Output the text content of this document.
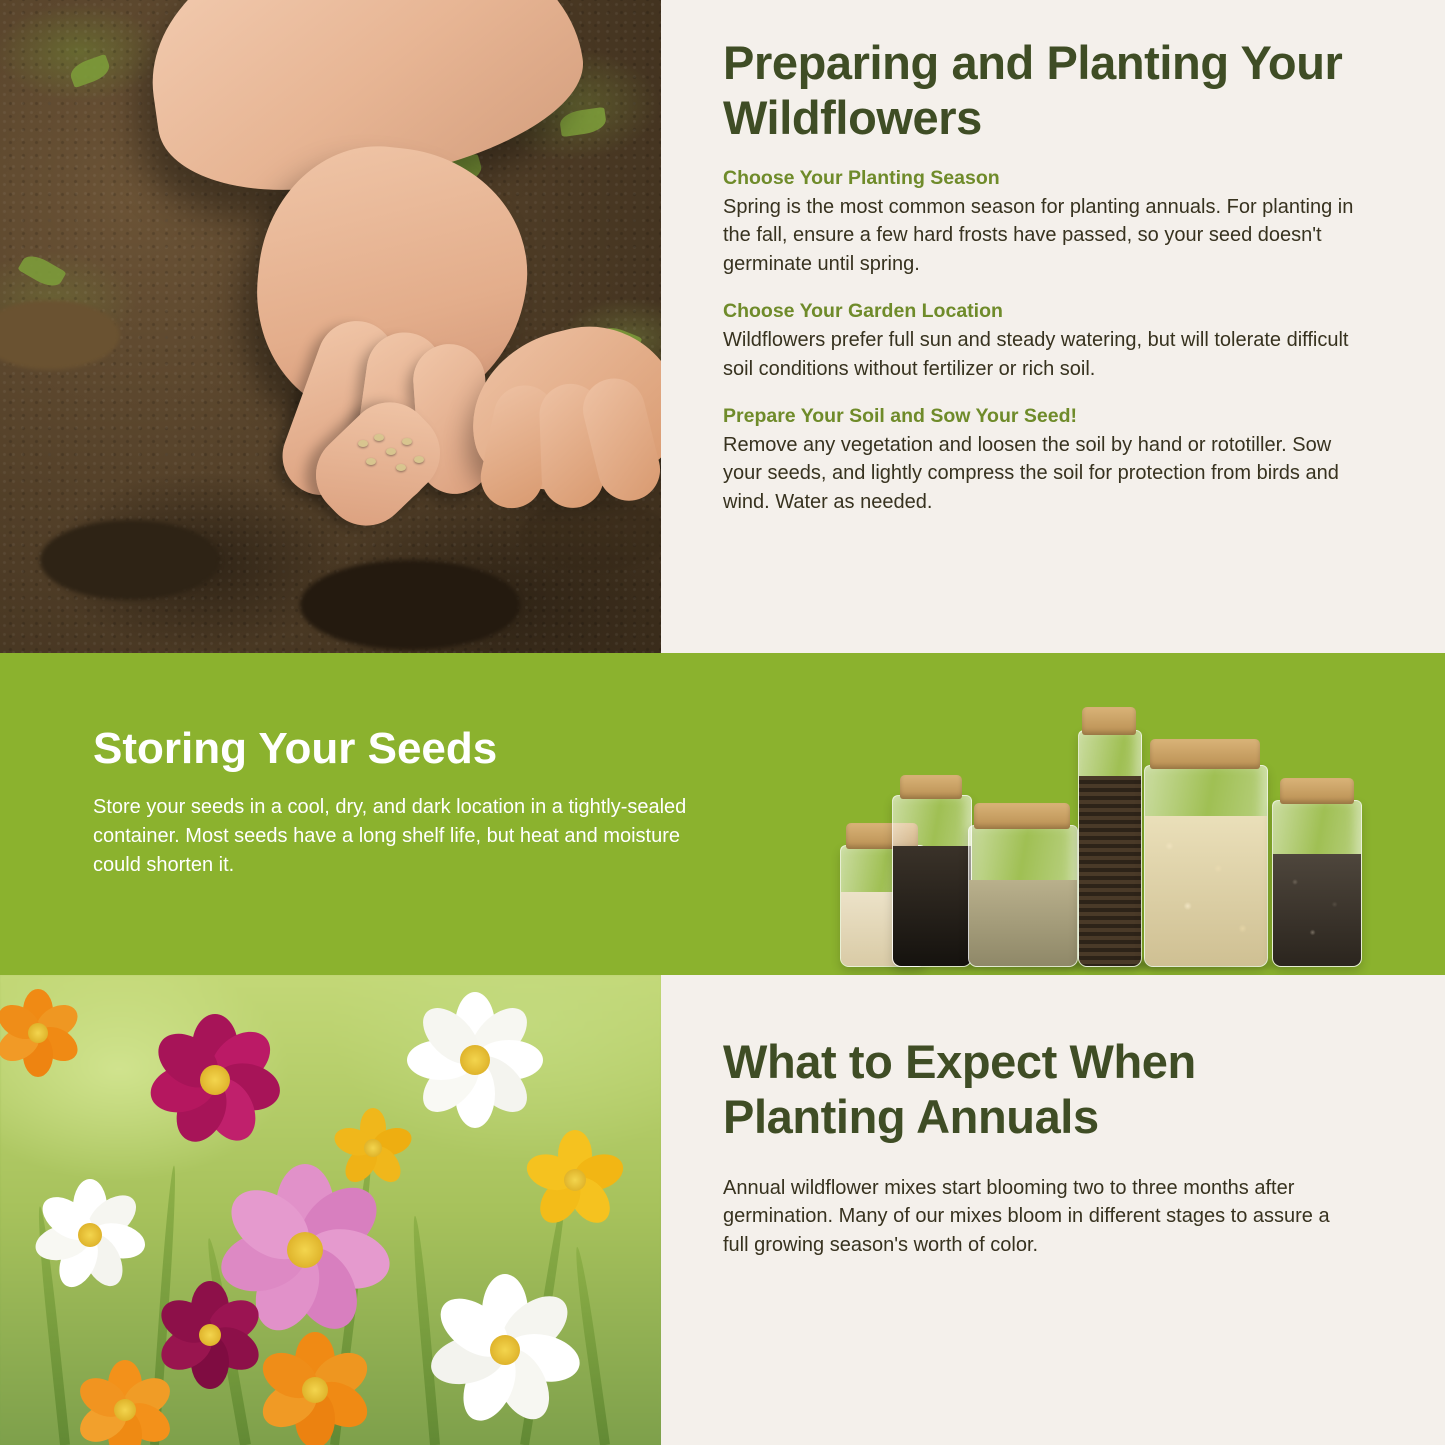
Preparing and Planting Your Wildflowers

Choose Your Planting Season

Spring is the most common season for planting annuals. For planting in the fall, ensure a few hard frosts have passed, so your seed doesn't germinate until spring.

Choose Your Garden Location

Wildflowers prefer full sun and steady watering, but will tolerate difficult soil conditions without fertilizer or rich soil.

Prepare Your Soil and Sow Your Seed!

Remove any vegetation and loosen the soil by hand or rototiller. Sow your seeds, and lightly compress the soil for protection from birds and wind. Water as needed.

Storing Your Seeds

Store your seeds in a cool, dry, and dark location in a tightly-sealed container. Most seeds have a long shelf life, but heat and moisture could shorten it.

What to Expect When Planting Annuals

Annual wildflower mixes start blooming two to three months after germination. Many of our mixes bloom in different stages to assure a full growing season's worth of color.
